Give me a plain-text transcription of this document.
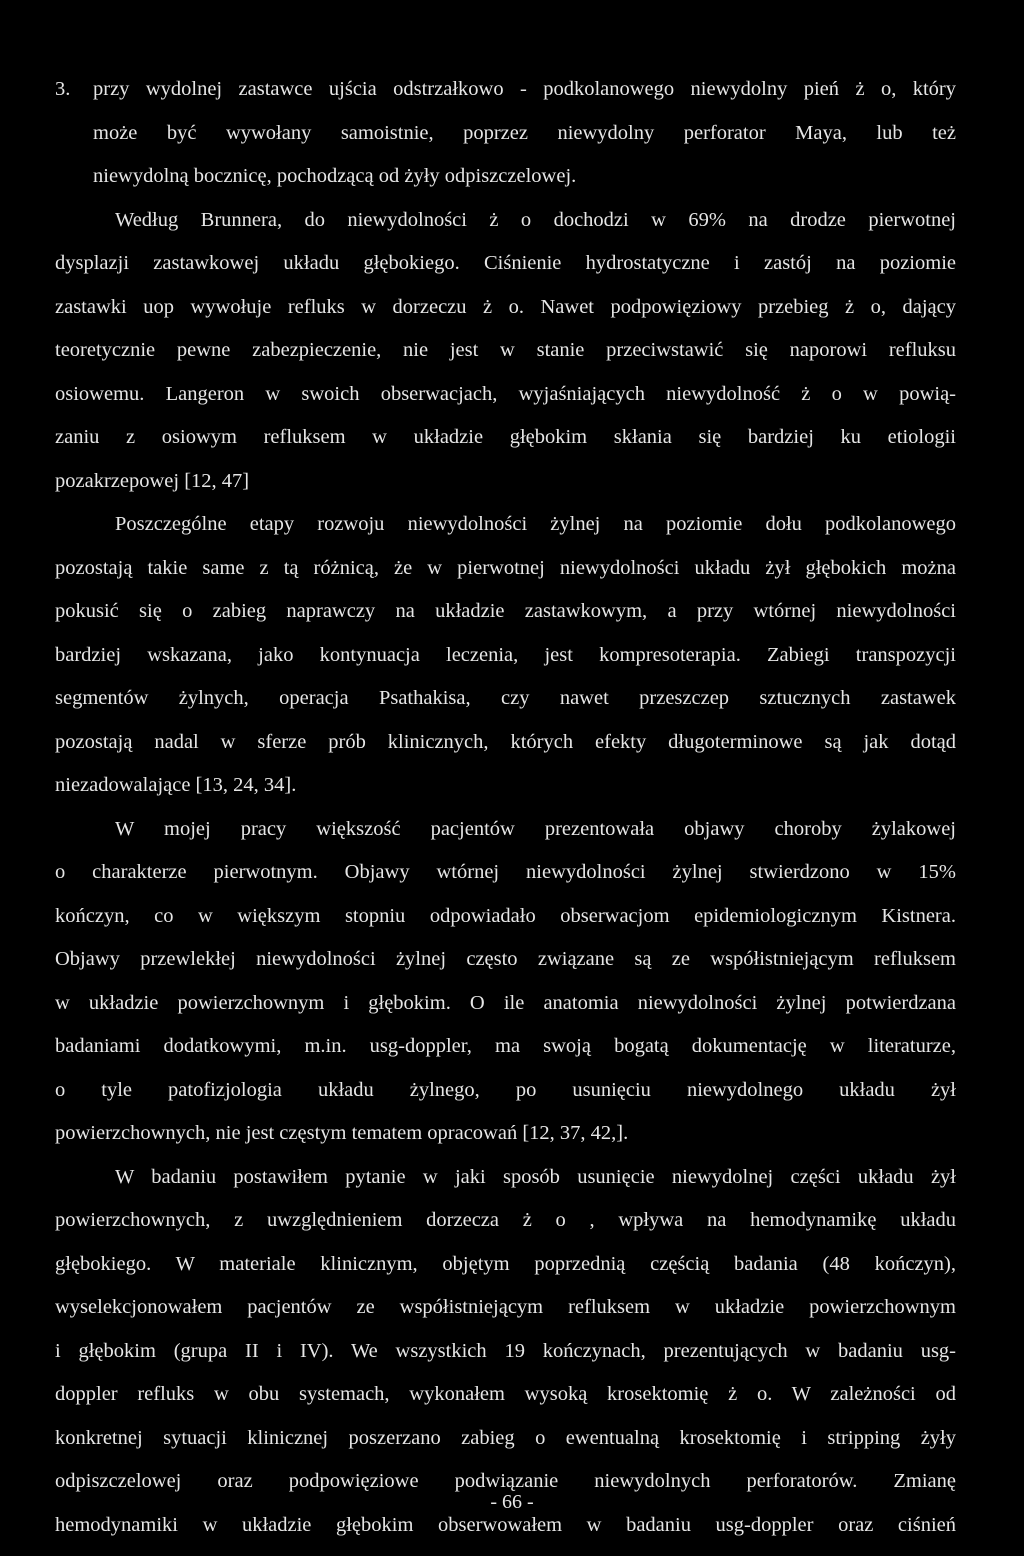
3. przy wydolnej zastawce ujścia odstrzałkowo - podkolanowego niewydolny pień ż o, który
może być wywołany samoistnie, poprzez niewydolny perforator Maya, lub też
niewydolną bocznicę, pochodzącą od żyły odpiszczelowej.
Według Brunnera, do niewydolności ż o dochodzi w 69% na drodze pierwotnej
dysplazji zastawkowej układu głębokiego. Ciśnienie hydrostatyczne i zastój na poziomie
zastawki uop wywołuje refluks w dorzeczu ż o. Nawet podpowięziowy przebieg ż o, dający
teoretycznie pewne zabezpieczenie, nie jest w stanie przeciwstawić się naporowi refluksu
osiowemu. Langeron w swoich obserwacjach, wyjaśniających niewydolność ż o w powią-
zaniu z osiowym refluksem w układzie głębokim skłania się bardziej ku etiologii
pozakrzepowej [12, 47]
Poszczególne etapy rozwoju niewydolności żylnej na poziomie dołu podkolanowego
pozostają takie same z tą różnicą, że w pierwotnej niewydolności układu żył głębokich można
pokusić się o zabieg naprawczy na układzie zastawkowym, a przy wtórnej niewydolności
bardziej wskazana, jako kontynuacja leczenia, jest kompresoterapia. Zabiegi transpozycji
segmentów żylnych, operacja Psathakisa, czy nawet przeszczep sztucznych zastawek
pozostają nadal w sferze prób klinicznych, których efekty długoterminowe są jak dotąd
niezadowalające [13, 24, 34].
W mojej pracy większość pacjentów prezentowała objawy choroby żylakowej
o charakterze pierwotnym. Objawy wtórnej niewydolności żylnej stwierdzono w 15%
kończyn, co w większym stopniu odpowiadało obserwacjom epidemiologicznym Kistnera.
Objawy przewlekłej niewydolności żylnej często związane są ze współistniejącym refluksem
w układzie powierzchownym i głębokim. O ile anatomia niewydolności żylnej potwierdzana
badaniami dodatkowymi, m.in. usg-doppler, ma swoją bogatą dokumentację w literaturze,
o tyle patofizjologia układu żylnego, po usunięciu niewydolnego układu żył
powierzchownych, nie jest częstym tematem opracowań [12, 37, 42,].
W badaniu postawiłem pytanie w jaki sposób usunięcie niewydolnej części układu żył
powierzchownych, z uwzględnieniem dorzecza ż o , wpływa na hemodynamikę układu
głębokiego. W materiale klinicznym, objętym poprzednią częścią badania (48 kończyn),
wyselekcjonowałem pacjentów ze współistniejącym refluksem w układzie powierzchownym
i głębokim (grupa II i IV). We wszystkich 19 kończynach, prezentujących w badaniu usg-
doppler refluks w obu systemach, wykonałem wysoką krosektomię ż o. W zależności od
konkretnej sytuacji klinicznej poszerzano zabieg o ewentualną krosektomię i stripping żyły
odpiszczelowej oraz podpowięziowe podwiązanie niewydolnych perforatorów. Zmianę
hemodynamiki w układzie głębokim obserwowałem w badaniu usg-doppler oraz ciśnień
- 66 -
